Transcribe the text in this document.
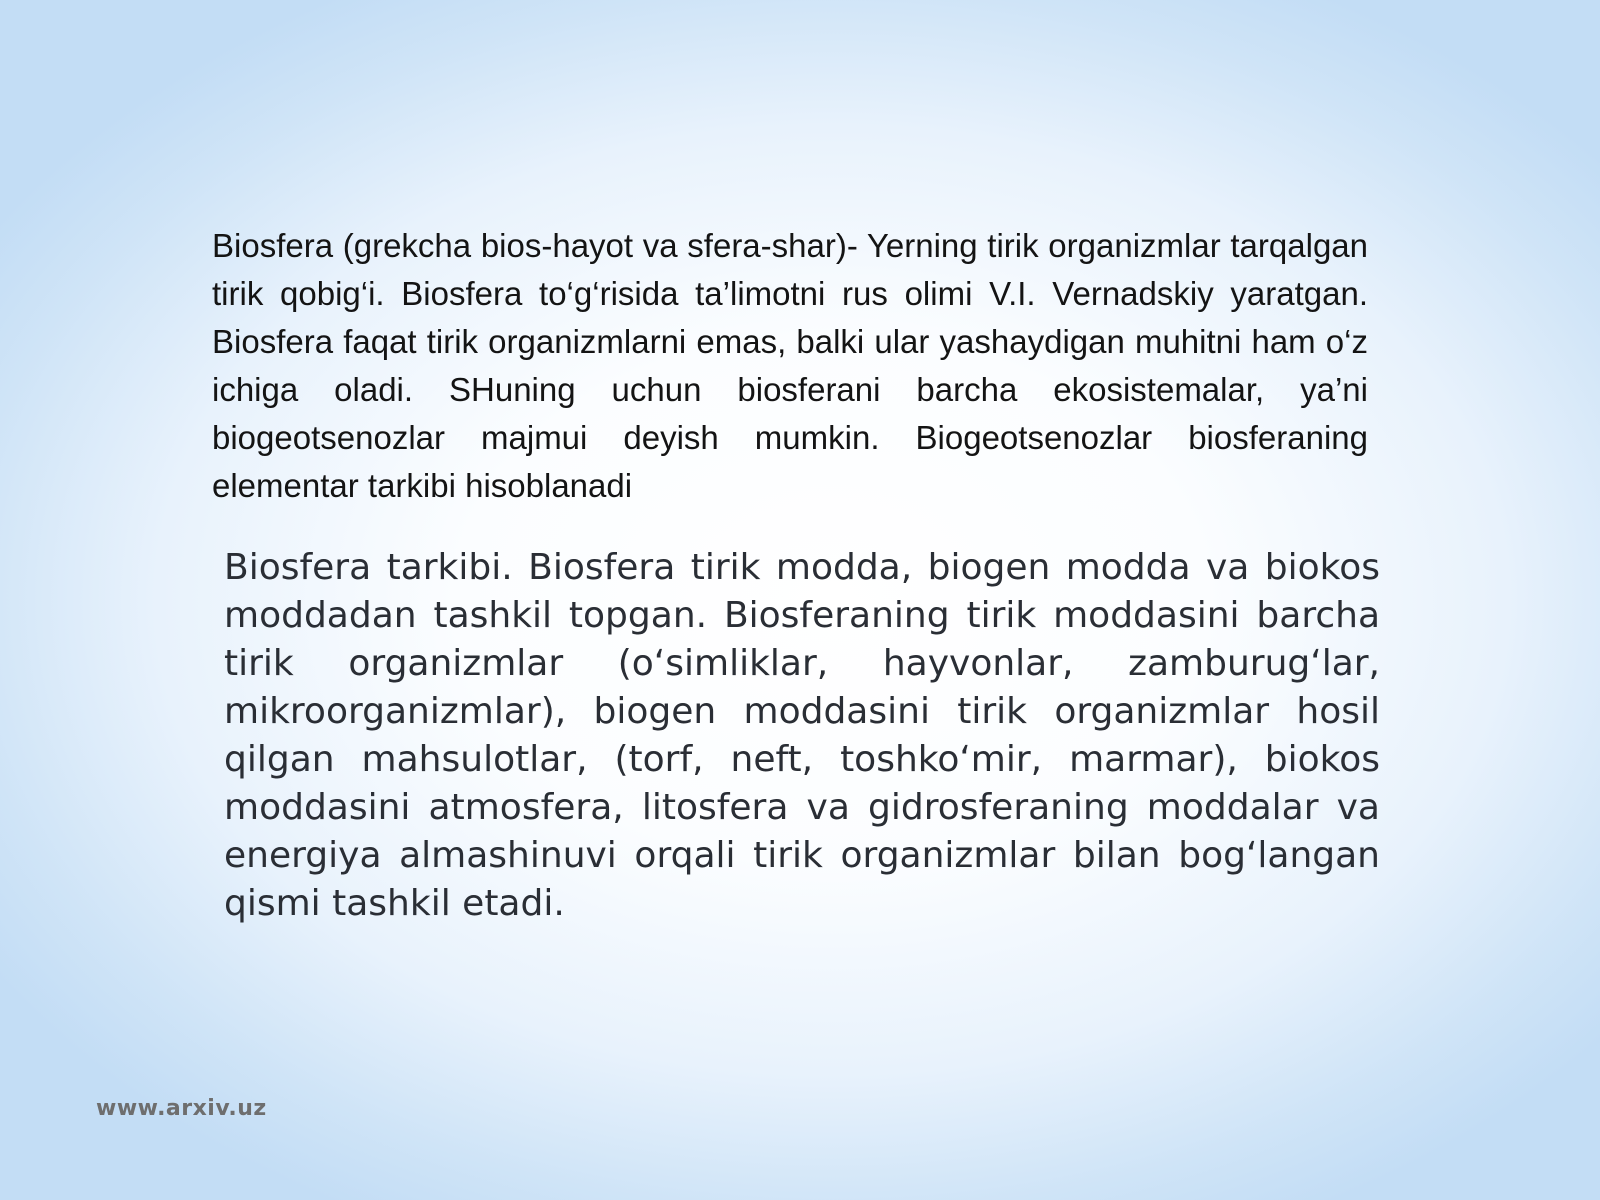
Biosfera (grekcha bios-hayot va sfera-shar)- Yerning tirik organizmlar tarqalgan tirik qobig‘i. Biosfera to‘g‘risida ta’limotni rus olimi V.I. Vernadskiy yaratgan. Biosfera faqat tirik organizmlarni emas, balki ular yashaydigan muhitni ham o‘z ichiga oladi. SHuning uchun biosferani barcha ekosistemalar, ya’ni biogeotsenozlar majmui deyish mumkin. Biogeotsenozlar biosferaning elementar tarkibi hisoblanadi

Biosfera tarkibi. Biosfera tirik modda, biogen modda va biokos moddadan tashkil topgan. Biosferaning tirik moddasini barcha tirik organizmlar (o‘simliklar, hayvonlar, zamburug‘lar, mikroorganizmlar), biogen moddasini tirik organizmlar hosil qilgan mahsulotlar, (torf, neft, toshko‘mir, marmar), biokos moddasini atmosfera, litosfera va gidrosferaning moddalar va energiya almashinuvi orqali tirik organizmlar bilan bog‘langan qismi tashkil etadi.

www.arxiv.uz
